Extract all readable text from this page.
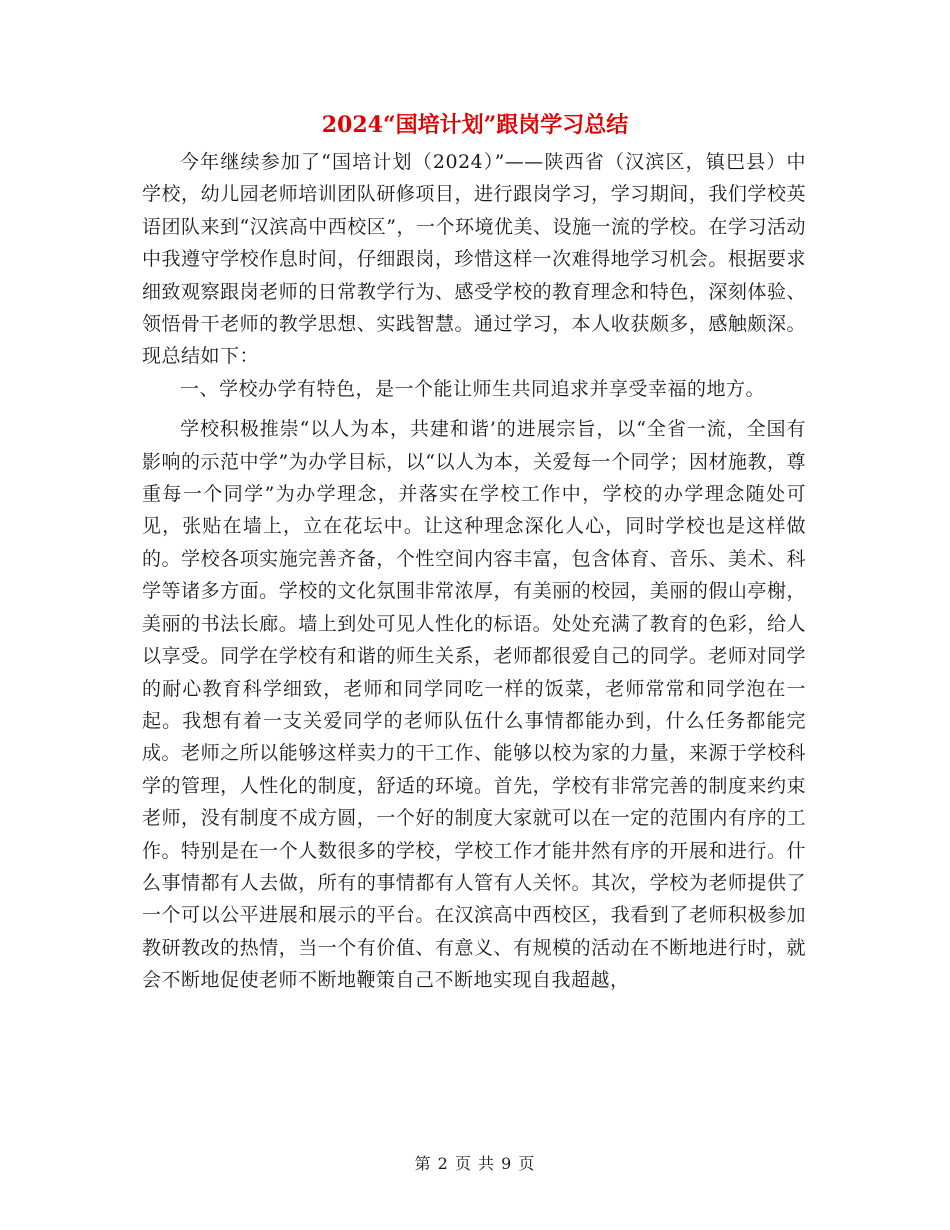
2024“国培计划”跟岗学习总结

今年继续参加了“国培计划（2024）”——陕西省（汉滨区，镇巴县）中学校，幼儿园老师培训团队研修项目，进行跟岗学习，学习期间，我们学校英语团队来到“汉滨高中西校区”，一个环境优美、设施一流的学校。在学习活动中我遵守学校作息时间，仔细跟岗，珍惜这样一次难得地学习机会。根据要求细致观察跟岗老师的日常教学行为、感受学校的教育理念和特色，深刻体验、领悟骨干老师的教学思想、实践智慧。通过学习，本人收获颇多，感触颇深。现总结如下：

一、学校办学有特色，是一个能让师生共同追求并享受幸福的地方。

学校积极推崇“以人为本，共建和谐’的进展宗旨，以“全省一流，全国有影响的示范中学”为办学目标，以“以人为本，关爱每一个同学；因材施教，尊重每一个同学”为办学理念，并落实在学校工作中，学校的办学理念随处可见，张贴在墙上，立在花坛中。让这种理念深化人心，同时学校也是这样做的。学校各项实施完善齐备，个性空间内容丰富，包含体育、音乐、美术、科学等诸多方面。学校的文化氛围非常浓厚，有美丽的校园，美丽的假山亭榭，美丽的书法长廊。墙上到处可见人性化的标语。处处充满了教育的色彩，给人以享受。同学在学校有和谐的师生关系，老师都很爱自己的同学。老师对同学的耐心教育科学细致，老师和同学同吃一样的饭菜，老师常常和同学泡在一起。我想有着一支关爱同学的老师队伍什么事情都能办到，什么任务都能完成。老师之所以能够这样卖力的干工作、能够以校为家的力量，来源于学校科学的管理，人性化的制度，舒适的环境。首先，学校有非常完善的制度来约束老师，没有制度不成方圆，一个好的制度大家就可以在一定的范围内有序的工作。特别是在一个人数很多的学校，学校工作才能井然有序的开展和进行。什么事情都有人去做，所有的事情都有人管有人关怀。其次，学校为老师提供了一个可以公平进展和展示的平台。在汉滨高中西校区，我看到了老师积极参加教研教改的热情，当一个有价值、有意义、有规模的活动在不断地进行时，就会不断地促使老师不断地鞭策自己不断地实现自我超越，

第 2 页 共 9 页
